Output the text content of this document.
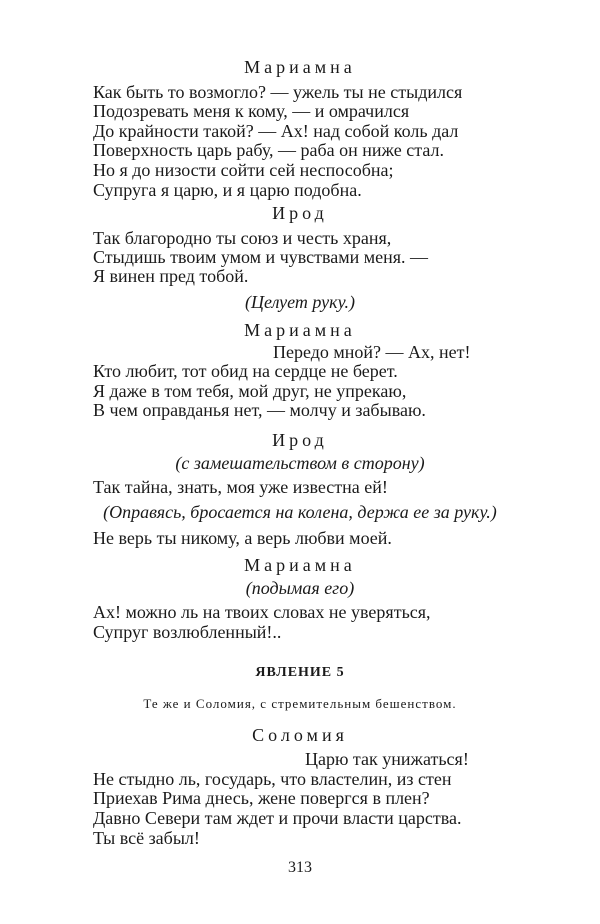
Мариамна
Как быть то возмогло? — ужель ты не стыдился
Подозревать меня к кому, — и омрачился
До крайности такой? — Ах! над собой коль дал
Поверхность царь рабу, — раба он ниже стал.
Но я до низости сойти сей неспособна;
Супруга я царю, и я царю подобна.
Ирод
Так благородно ты союз и честь храня,
Стыдишь твоим умом и чувствами меня. —
Я винен пред тобой.
(Целует руку.)
Мариамна
Передо мной? — Ах, нет!
Кто любит, тот обид на сердце не берет.
Я даже в том тебя, мой друг, не упрекаю,
В чем оправданья нет, — молчу и забываю.
Ирод
(с замешательством в сторону)
Так тайна, знать, моя уже известна ей!
(Оправясь, бросается на колена, держа ее за руку.)
Не верь ты никому, а верь любви моей.
Мариамна
(подымая его)
Ах! можно ль на твоих словах не уверяться,
Супруг возлюбленный!..
ЯВЛЕНИЕ 5
Те же и Соломия, с стремительным бешенством.
Соломия
Царю так унижаться!
Не стыдно ль, государь, что властелин, из стен
Приехав Рима днесь, жене повергся в плен?
Давно Севери там ждет и прочи власти царства.
Ты всё забыл!
313
